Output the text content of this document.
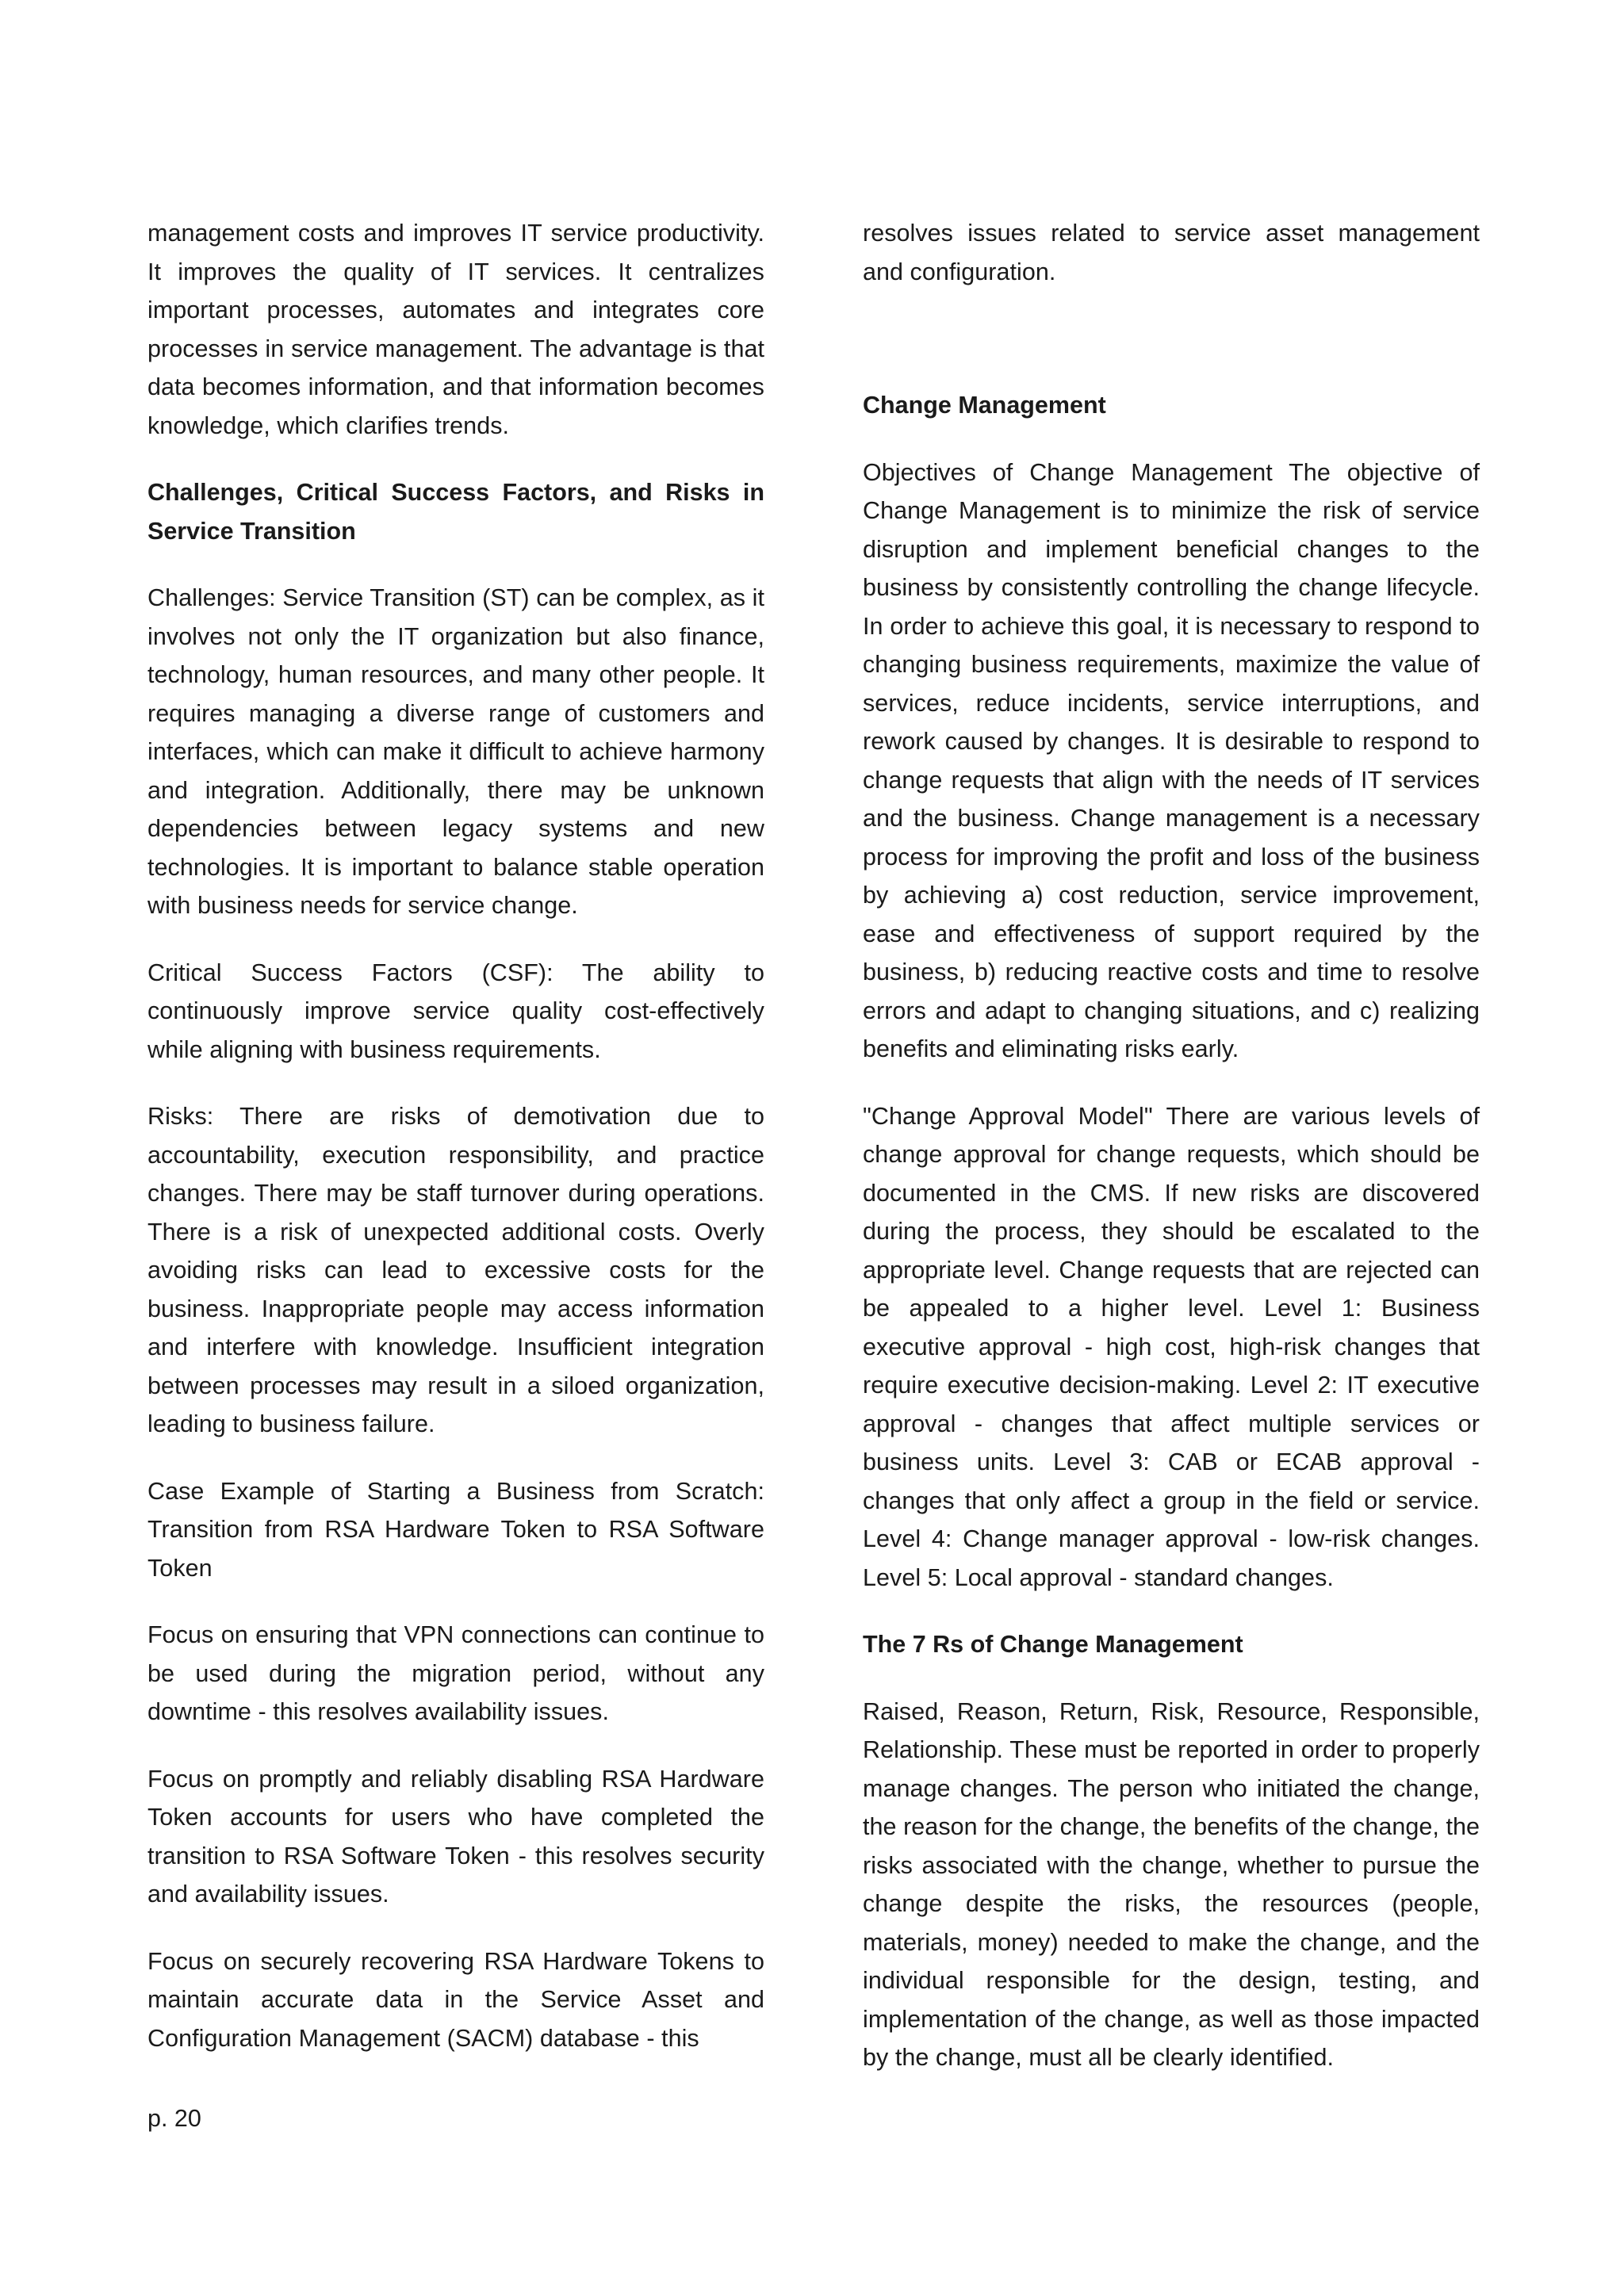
management costs and improves IT service productivity. It improves the quality of IT services. It centralizes important processes, automates and integrates core processes in service management. The advantage is that data becomes information, and that information becomes knowledge, which clarifies trends.

Challenges, Critical Success Factors, and Risks in Service Transition

Challenges: Service Transition (ST) can be complex, as it involves not only the IT organization but also finance, technology, human resources, and many other people. It requires managing a diverse range of customers and interfaces, which can make it difficult to achieve harmony and integration. Additionally, there may be unknown dependencies between legacy systems and new technologies. It is important to balance stable operation with business needs for service change.

Critical Success Factors (CSF): The ability to continuously improve service quality cost-effectively while aligning with business requirements.

Risks: There are risks of demotivation due to accountability, execution responsibility, and practice changes. There may be staff turnover during operations. There is a risk of unexpected additional costs. Overly avoiding risks can lead to excessive costs for the business. Inappropriate people may access information and interfere with knowledge. Insufficient integration between processes may result in a siloed organization, leading to business failure.

Case Example of Starting a Business from Scratch: Transition from RSA Hardware Token to RSA Software Token

Focus on ensuring that VPN connections can continue to be used during the migration period, without any downtime - this resolves availability issues.

Focus on promptly and reliably disabling RSA Hardware Token accounts for users who have completed the transition to RSA Software Token - this resolves security and availability issues.

Focus on securely recovering RSA Hardware Tokens to maintain accurate data in the Service Asset and Configuration Management (SACM) database - this

resolves issues related to service asset management and configuration.

Change Management

Objectives of Change Management The objective of Change Management is to minimize the risk of service disruption and implement beneficial changes to the business by consistently controlling the change lifecycle. In order to achieve this goal, it is necessary to respond to changing business requirements, maximize the value of services, reduce incidents, service interruptions, and rework caused by changes. It is desirable to respond to change requests that align with the needs of IT services and the business. Change management is a necessary process for improving the profit and loss of the business by achieving a) cost reduction, service improvement, ease and effectiveness of support required by the business, b) reducing reactive costs and time to resolve errors and adapt to changing situations, and c) realizing benefits and eliminating risks early.

"Change Approval Model" There are various levels of change approval for change requests, which should be documented in the CMS. If new risks are discovered during the process, they should be escalated to the appropriate level. Change requests that are rejected can be appealed to a higher level. Level 1: Business executive approval - high cost, high-risk changes that require executive decision-making. Level 2: IT executive approval - changes that affect multiple services or business units. Level 3: CAB or ECAB approval - changes that only affect a group in the field or service. Level 4: Change manager approval - low-risk changes. Level 5: Local approval - standard changes.

The 7 Rs of Change Management

Raised, Reason, Return, Risk, Resource, Responsible, Relationship. These must be reported in order to properly manage changes. The person who initiated the change, the reason for the change, the benefits of the change, the risks associated with the change, whether to pursue the change despite the risks, the resources (people, materials, money) needed to make the change, and the individual responsible for the design, testing, and implementation of the change, as well as those impacted by the change, must all be clearly identified.

p. 20
